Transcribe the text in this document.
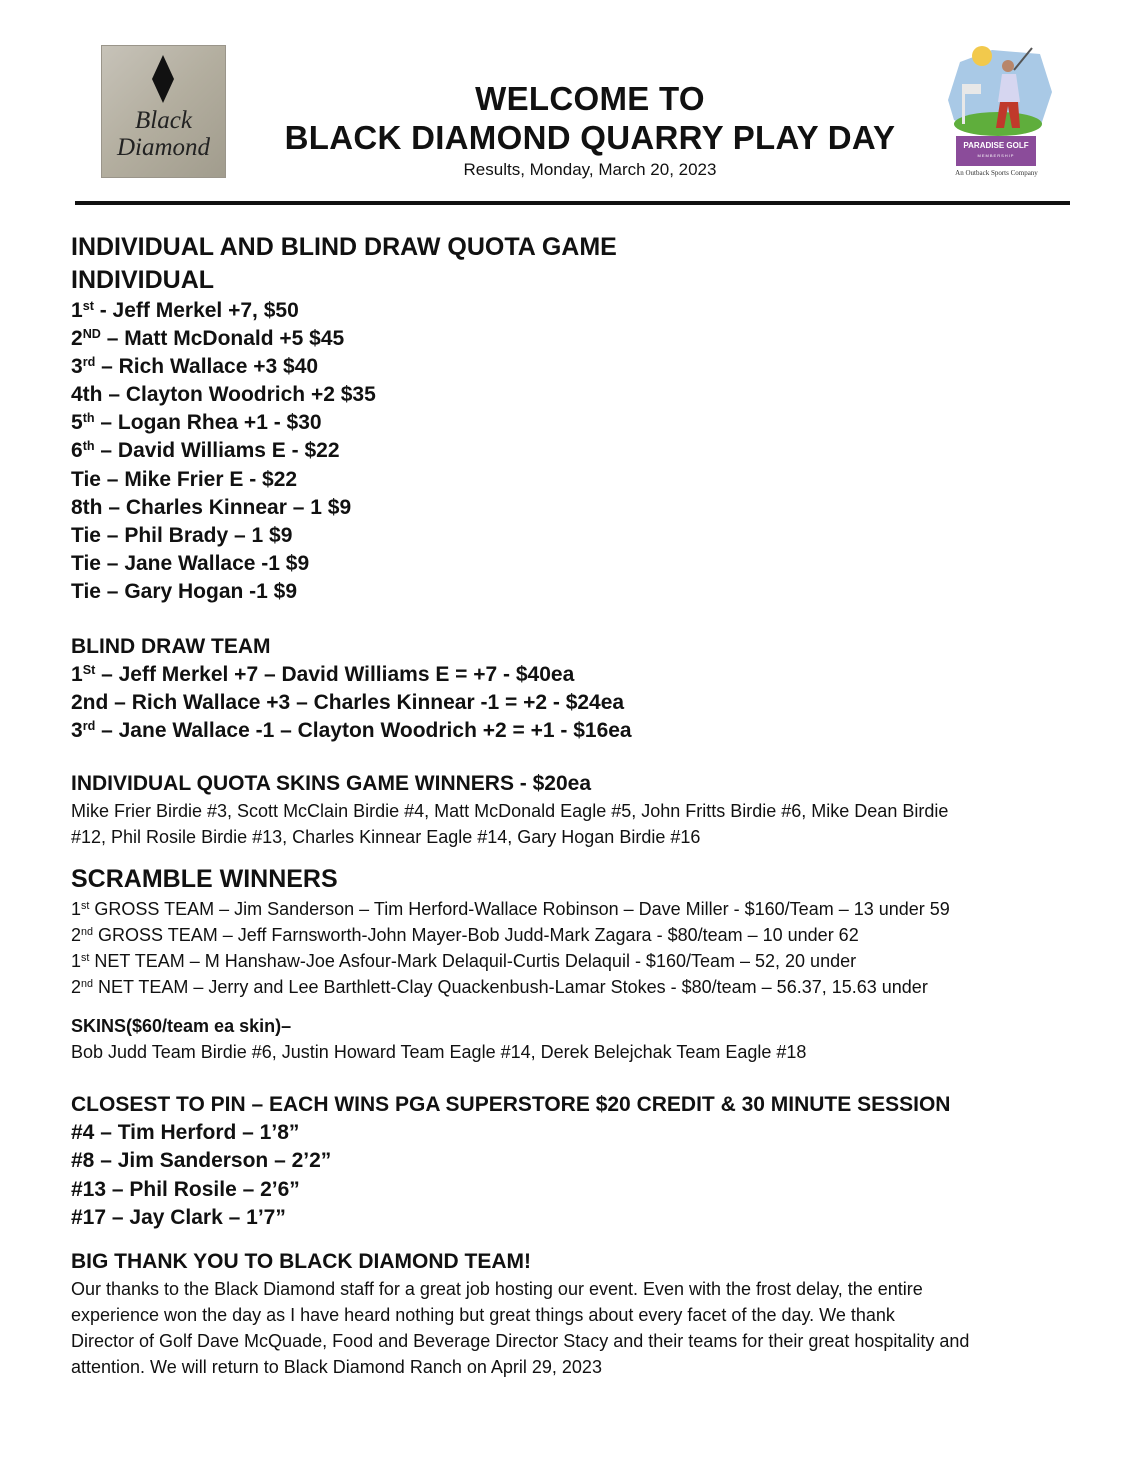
Black
Diamond
WELCOME TO
BLACK DIAMOND QUARRY PLAY DAY
Results, Monday, March 20, 2023
PARADISE GOLF
MEMBERSHIP
An Outback Sports Company
INDIVIDUAL AND BLIND DRAW QUOTA GAME
INDIVIDUAL
1st - Jeff Merkel +7, $50
2ND – Matt McDonald +5 $45
3rd – Rich Wallace +3 $40
4th – Clayton Woodrich +2 $35
5th – Logan Rhea +1 - $30
6th – David Williams E - $22
Tie – Mike Frier E - $22
8th – Charles Kinnear – 1 $9
Tie – Phil Brady – 1 $9
Tie – Jane Wallace -1 $9
Tie – Gary Hogan -1 $9
BLIND DRAW TEAM
1St – Jeff Merkel +7 – David Williams E = +7 - $40ea
2nd – Rich Wallace +3 – Charles Kinnear -1 = +2 - $24ea
3rd – Jane Wallace -1 – Clayton Woodrich +2 = +1 - $16ea
INDIVIDUAL QUOTA SKINS GAME WINNERS - $20ea
Mike Frier Birdie #3, Scott McClain Birdie #4, Matt McDonald Eagle #5, John Fritts Birdie #6, Mike Dean Birdie
#12, Phil Rosile Birdie #13, Charles Kinnear Eagle #14, Gary Hogan Birdie #16
SCRAMBLE WINNERS
1st GROSS TEAM – Jim Sanderson – Tim Herford-Wallace Robinson – Dave Miller - $160/Team – 13 under 59
2nd GROSS TEAM – Jeff Farnsworth-John Mayer-Bob Judd-Mark Zagara - $80/team – 10 under 62
1st NET TEAM – M Hanshaw-Joe Asfour-Mark Delaquil-Curtis Delaquil - $160/Team – 52, 20 under
2nd NET TEAM – Jerry and Lee Barthlett-Clay Quackenbush-Lamar Stokes - $80/team – 56.37, 15.63 under
SKINS($60/team ea skin)–
Bob Judd Team Birdie #6, Justin Howard Team Eagle #14, Derek Belejchak Team Eagle #18
CLOSEST TO PIN – EACH WINS PGA SUPERSTORE $20 CREDIT & 30 MINUTE SESSION
#4 – Tim Herford – 1’8”
#8 – Jim Sanderson – 2’2”
#13 – Phil Rosile – 2’6”
#17 – Jay Clark – 1’7”
BIG THANK YOU TO BLACK DIAMOND TEAM!
Our thanks to the Black Diamond staff for a great job hosting our event. Even with the frost delay, the entire
experience won the day as I have heard nothing but great things about every facet of the day. We thank
Director of Golf Dave McQuade, Food and Beverage Director Stacy and their teams for their great hospitality and
attention. We will return to Black Diamond Ranch on April 29, 2023
